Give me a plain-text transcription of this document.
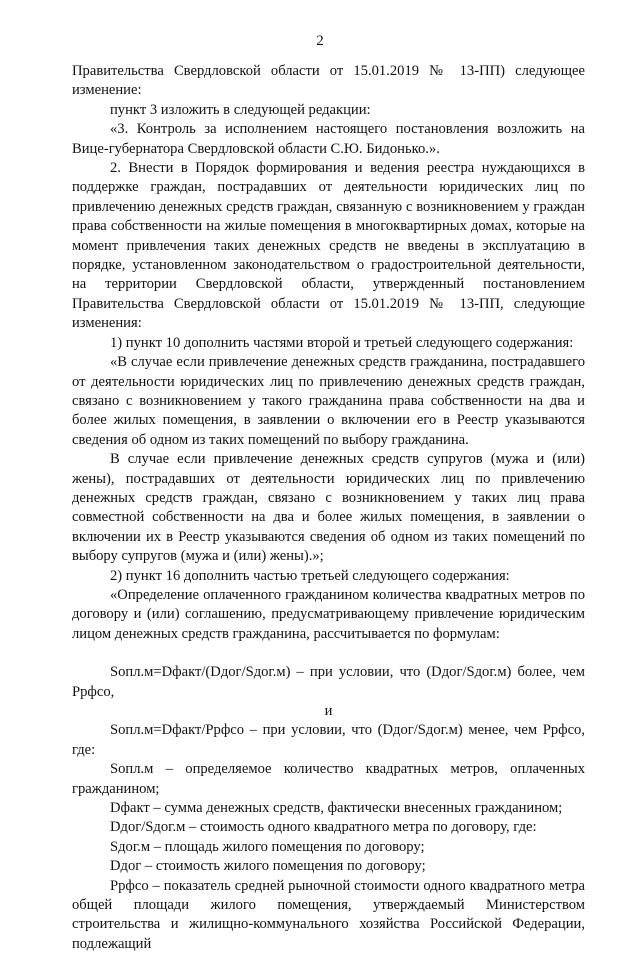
2

Правительства Свердловской области от 15.01.2019 № 13-ПП) следующее изменение:

пункт 3 изложить в следующей редакции:

«3. Контроль за исполнением настоящего постановления возложить на Вице-губернатора Свердловской области С.Ю. Бидонько.».

2. Внести в Порядок формирования и ведения реестра нуждающихся в поддержке граждан, пострадавших от деятельности юридических лиц по привлечению денежных средств граждан, связанную с возникновением у граждан права собственности на жилые помещения в многоквартирных домах, которые на момент привлечения таких денежных средств не введены в эксплуатацию в порядке, установленном законодательством о градостроительной деятельности, на территории Свердловской области, утвержденный постановлением Правительства Свердловской области от 15.01.2019 № 13-ПП, следующие изменения:

1) пункт 10 дополнить частями второй и третьей следующего содержания:

«В случае если привлечение денежных средств гражданина, пострадавшего от деятельности юридических лиц по привлечению денежных средств граждан, связано с возникновением у такого гражданина права собственности на два и более жилых помещения, в заявлении о включении его в Реестр указываются сведения об одном из таких помещений по выбору гражданина.

В случае если привлечение денежных средств супругов (мужа и (или) жены), пострадавших от деятельности юридических лиц по привлечению денежных средств граждан, связано с возникновением у таких лиц права совместной собственности на два и более жилых помещения, в заявлении о включении их в Реестр указываются сведения об одном из таких помещений по выбору супругов (мужа и (или) жены).»;

2) пункт 16 дополнить частью третьей следующего содержания:

«Определение оплаченного гражданином количества квадратных метров по договору и (или) соглашению, предусматривающему привлечение юридическим лицом денежных средств гражданина, рассчитывается по формулам:

Sопл.м=Dфакт/(Dдог/Sдог.м) – при условии, что (Dдог/Sдог.м) более, чем Pрфсо,

и

Sопл.м=Dфакт/Pрфсо – при условии, что (Dдог/Sдог.м) менее, чем Pрфсо, где:

Sопл.м – определяемое количество квадратных метров, оплаченных гражданином;

Dфакт – сумма денежных средств, фактически внесенных гражданином;

Dдог/Sдог.м – стоимость одного квадратного метра по договору, где:

Sдог.м – площадь жилого помещения по договору;

Dдог – стоимость жилого помещения по договору;

Pрфсо – показатель средней рыночной стоимости одного квадратного метра общей площади жилого помещения, утверждаемый Министерством строительства и жилищно-коммунального хозяйства Российской Федерации, подлежащий
